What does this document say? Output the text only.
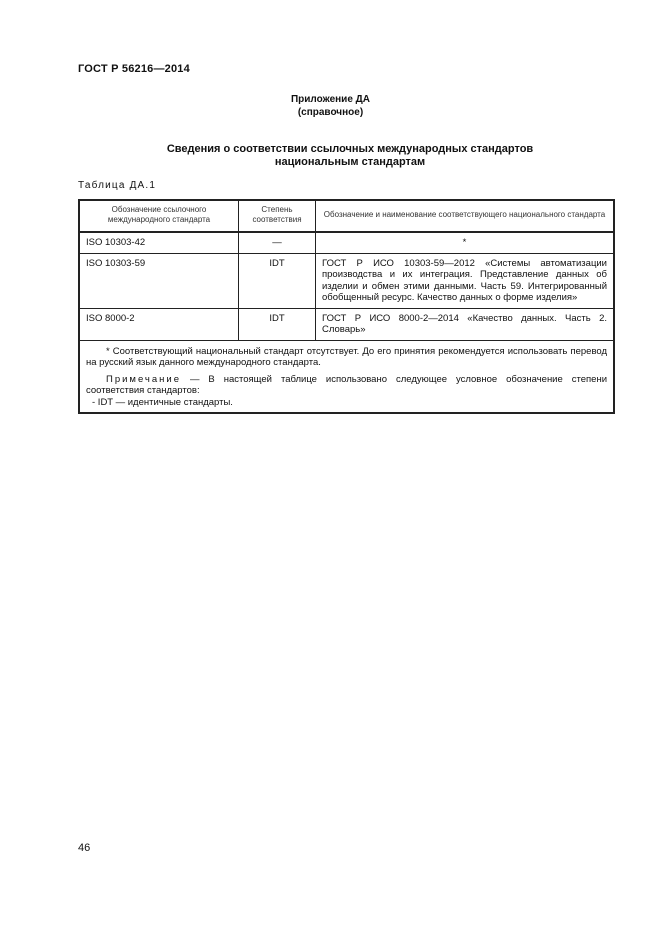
ГОСТ Р 56216—2014
Приложение ДА
(справочное)
Сведения о соответствии ссылочных международных стандартов
национальным стандартам
Таблица ДА.1
Обозначение ссылочного международного стандарта	Степень соответствия	Обозначение и наименование соответствующего национального стандарта
ISO 10303-42	—	*
ISO 10303-59	IDT	ГОСТ Р ИСО 10303-59—2012 «Системы автоматизации производства и их интеграция. Представление данных об изделии и обмен этими данными. Часть 59. Интегрированный обобщенный ресурс. Качество данных о форме изделия»
ISO 8000-2	IDT	ГОСТ Р ИСО 8000-2—2014 «Качество данных. Часть 2. Словарь»

* Соответствующий национальный стандарт отсутствует. До его принятия рекомендуется использовать перевод на русский язык данного международного стандарта.

Примечание — В настоящей таблице использовано следующее условное обозначение степени соответствия стандартов:

- IDT — идентичные стандарты.		

46
